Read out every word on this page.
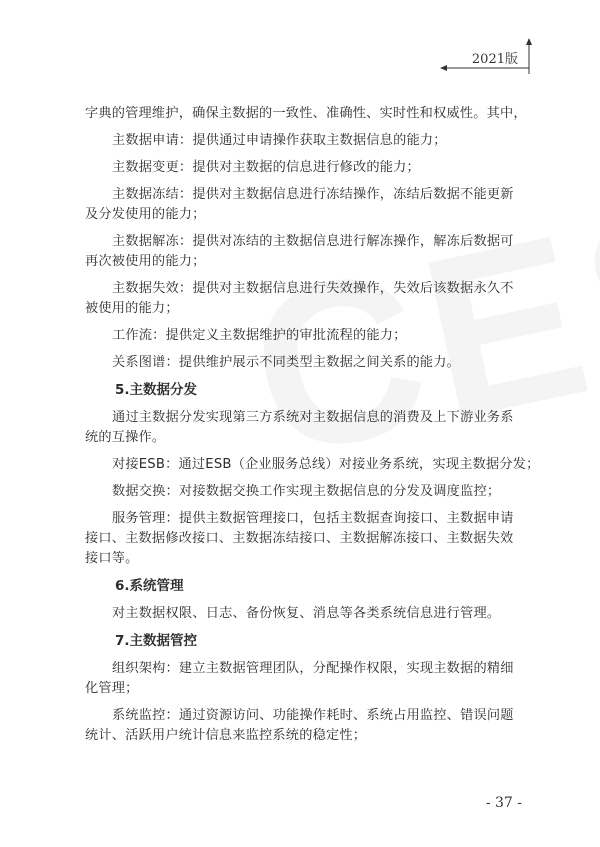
2021版

字典的管理维护，确保主数据的一致性、准确性、实时性和权威性。其中，

主数据申请：提供通过申请操作获取主数据信息的能力；

主数据变更：提供对主数据的信息进行修改的能力；

主数据冻结：提供对主数据信息进行冻结操作，冻结后数据不能更新

及分发使用的能力；

主数据解冻：提供对冻结的主数据信息进行解冻操作，解冻后数据可

再次被使用的能力；

主数据失效：提供对主数据信息进行失效操作，失效后该数据永久不

被使用的能力；

工作流：提供定义主数据维护的审批流程的能力；

关系图谱：提供维护展示不同类型主数据之间关系的能力。

5.主数据分发

通过主数据分发实现第三方系统对主数据信息的消费及上下游业务系

统的互操作。

对接ESB：通过ESB（企业服务总线）对接业务系统，实现主数据分发；

数据交换：对接数据交换工作实现主数据信息的分发及调度监控；

服务管理：提供主数据管理接口，包括主数据查询接口、主数据申请

接口、主数据修改接口、主数据冻结接口、主数据解冻接口、主数据失效

接口等。

6.系统管理

对主数据权限、日志、备份恢复、消息等各类系统信息进行管理。

7.主数据管控

组织架构：建立主数据管理团队，分配操作权限，实现主数据的精细

化管理；

系统监控：通过资源访问、功能操作耗时、系统占用监控、错误问题

统计、活跃用户统计信息来监控系统的稳定性；

- 37 -
